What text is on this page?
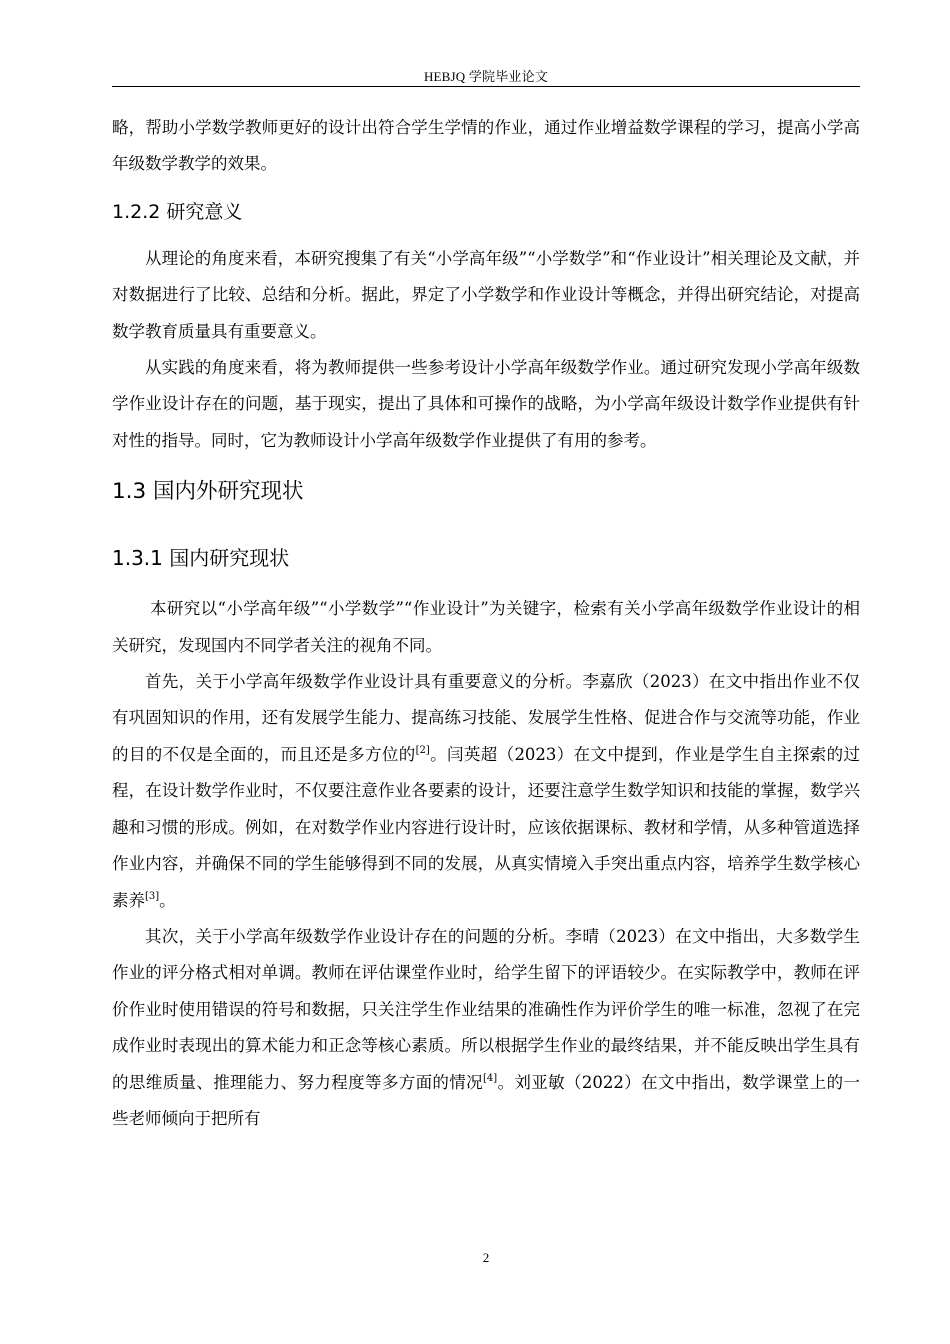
HEBJQ 学院毕业论文

略，帮助小学数学教师更好的设计出符合学生学情的作业，通过作业增益数学课程的学习，提高小学高年级数学教学的效果。

1.2.2 研究意义

从理论的角度来看，本研究搜集了有关“小学高年级”“小学数学”和“作业设计”相关理论及文献，并对数据进行了比较、总结和分析。据此，界定了小学数学和作业设计等概念，并得出研究结论，对提高数学教育质量具有重要意义。

从实践的角度来看，将为教师提供一些参考设计小学高年级数学作业。通过研究发现小学高年级数学作业设计存在的问题，基于现实，提出了具体和可操作的战略，为小学高年级设计数学作业提供有针对性的指导。同时，它为教师设计小学高年级数学作业提供了有用的参考。

1.3 国内外研究现状
1.3.1 国内研究现状

本研究以“小学高年级”“小学数学”“作业设计”为关键字，检索有关小学高年级数学作业设计的相关研究，发现国内不同学者关注的视角不同。

首先，关于小学高年级数学作业设计具有重要意义的分析。李嘉欣（2023）在文中指出作业不仅有巩固知识的作用，还有发展学生能力、提高练习技能、发展学生性格、促进合作与交流等功能，作业的目的不仅是全面的，而且还是多方位的[2]。闫英超（2023）在文中提到，作业是学生自主探索的过程，在设计数学作业时，不仅要注意作业各要素的设计，还要注意学生数学知识和技能的掌握，数学兴趣和习惯的形成。例如，在对数学作业内容进行设计时，应该依据课标、教材和学情，从多种管道选择作业内容，并确保不同的学生能够得到不同的发展，从真实情境入手突出重点内容，培养学生数学核心素养[3]。

其次，关于小学高年级数学作业设计存在的问题的分析。李晴（2023）在文中指出，大多数学生作业的评分格式相对单调。教师在评估课堂作业时，给学生留下的评语较少。在实际教学中，教师在评价作业时使用错误的符号和数据，只关注学生作业结果的准确性作为评价学生的唯一标准，忽视了在完成作业时表现出的算术能力和正念等核心素质。所以根据学生作业的最终结果，并不能反映出学生具有的思维质量、推理能力、努力程度等多方面的情况[4]。刘亚敏（2022）在文中指出，数学课堂上的一些老师倾向于把所有

2
